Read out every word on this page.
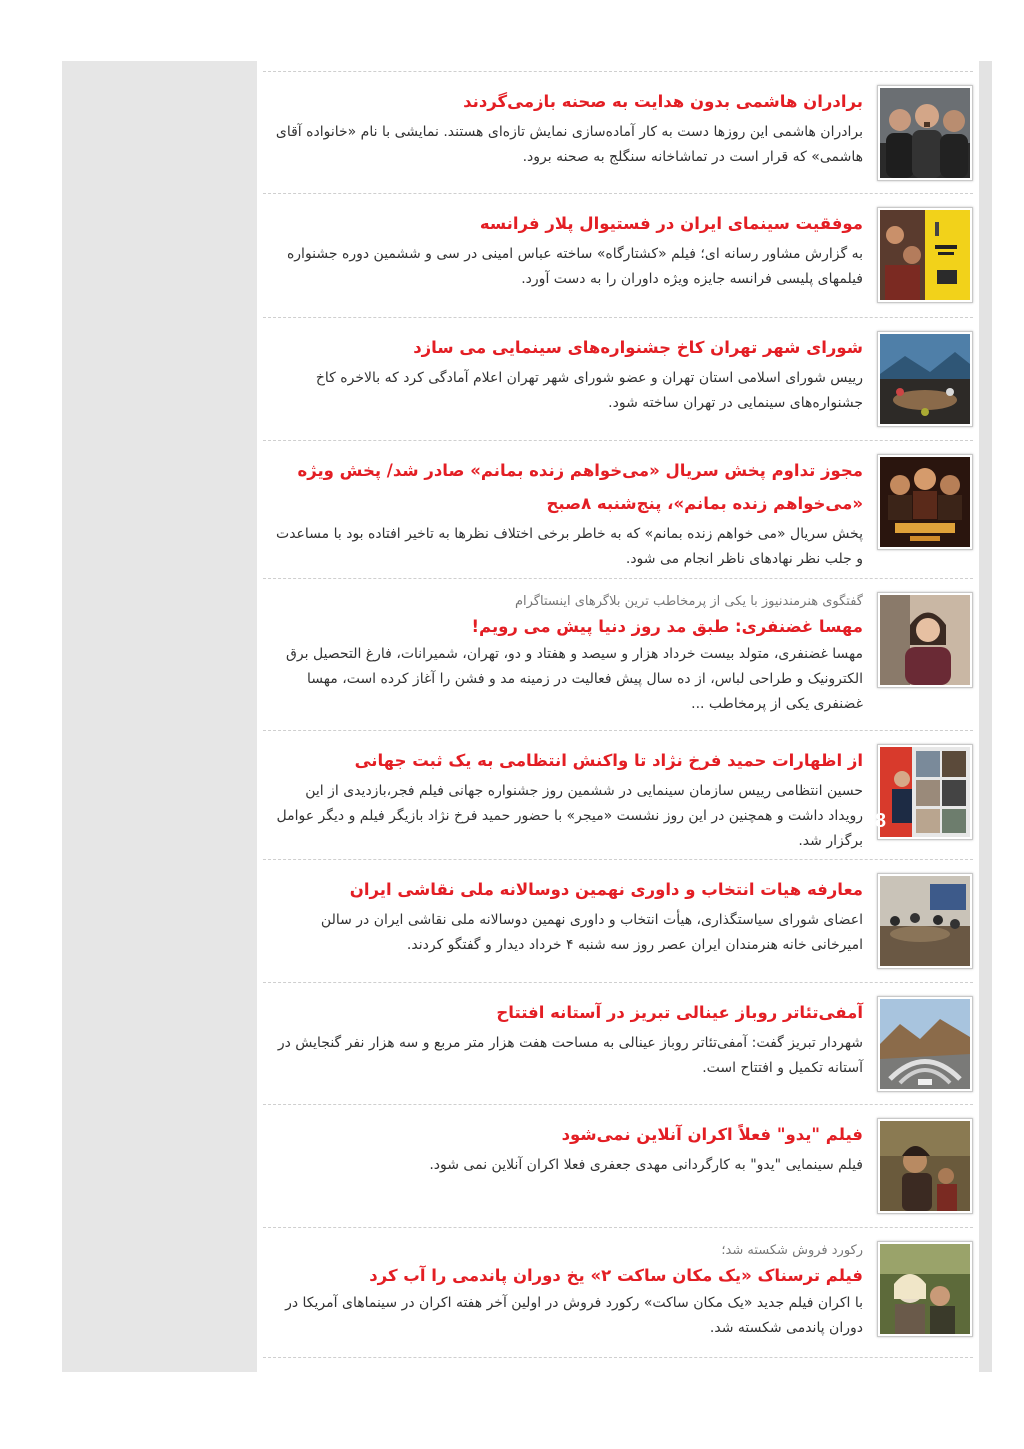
برادران هاشمی بدون هدایت به صحنه بازمی‌گردند

برادران هاشمی این روزها دست به کار آماده‌سازی نمایش تازه‌ای هستند. نمایشی با نام «خانواده آقای هاشمی» که قرار است در تماشاخانه سنگلج به صحنه برود.

موفقیت سینمای ایران در فستیوال پلار فرانسه

به گزارش مشاور رسانه ای؛ فیلم «کشتارگاه» ساخته عباس امینی در سی و ششمین دوره جشنواره فیلمهای پلیسی فرانسه جایزه ویژه داوران را به دست آورد.

شورای شهر تهران کاخ جشنواره‌های سینمایی می سازد

رییس شورای اسلامی استان تهران و عضو شورای شهر تهران اعلام آمادگی کرد که بالاخره کاخ جشنواره‌های سینمایی در تهران ساخته شود.

مجوز تداوم پخش سریال «می‌خواهم زنده بمانم» صادر شد/ پخش ویژه «می‌خواهم زنده بمانم»، پنج‌شنبه ۸صبح

پخش سریال «می خواهم زنده بمانم» که به خاطر برخی اختلاف نظرها به تاخیر افتاده بود با مساعدت و جلب نظر نهادهای ناظر انجام می شود.

گفتگوی هنرمندنیوز با یکی از پرمخاطب ترین بلاگرهای اینستاگرام

مهسا غضنفری: طبق مد روز دنیا پیش می رویم!

مهسا غضنفری، متولد بیست خرداد هزار و سیصد و هفتاد و دو، تهران، شمیرانات، فارغ التحصیل برق الکترونیک و طراحی لباس، از ده سال پیش فعالیت در زمینه مد و فشن را آغاز کرده است، مهسا غضنفری یکی از پرمخاطب ...

38

از اظهارات حمید فرخ نژاد تا واکنش انتظامی به یک ثبت جهانی

حسین انتظامی رییس سازمان سینمایی در ششمین روز جشنواره جهانی فیلم فجر،بازدیدی از این رویداد داشت و همچنین در این روز نشست «میجر» با حضور حمید فرخ نژاد بازیگر فیلم و دیگر عوامل برگزار شد.

معارفه هیات انتخاب و داوری نهمین دوسالانه ملی نقاشی ایران

اعضای شورای سیاستگذاری، هیأت انتخاب و داوری نهمین دوسالانه ملی نقاشی ایران در سالن امیرخانی خانه هنرمندان ایران عصر روز سه شنبه ۴ خرداد دیدار و گفتگو کردند.

آمفی‌تئاتر روباز عینالی تبریز در آستانه افتتاح

شهردار تبریز گفت: آمفی‌تئاتر روباز عینالی به مساحت هفت هزار متر مربع و سه هزار نفر گنجایش در آستانه تکمیل و افتتاح است.

فیلم "یدو" فعلاً اکران آنلاین نمی‌شود

فیلم سینمایی "یدو" به کارگردانی مهدی جعفری فعلا اکران آنلاین نمی شود.

رکورد فروش شکسته شد؛

فیلم ترسناک «یک مکان ساکت ۲» یخ دوران پاندمی را آب کرد

با اکران فیلم جدید «یک مکان ساکت» رکورد فروش در اولین آخر هفته اکران در سینماهای آمریکا در دوران پاندمی شکسته شد.
